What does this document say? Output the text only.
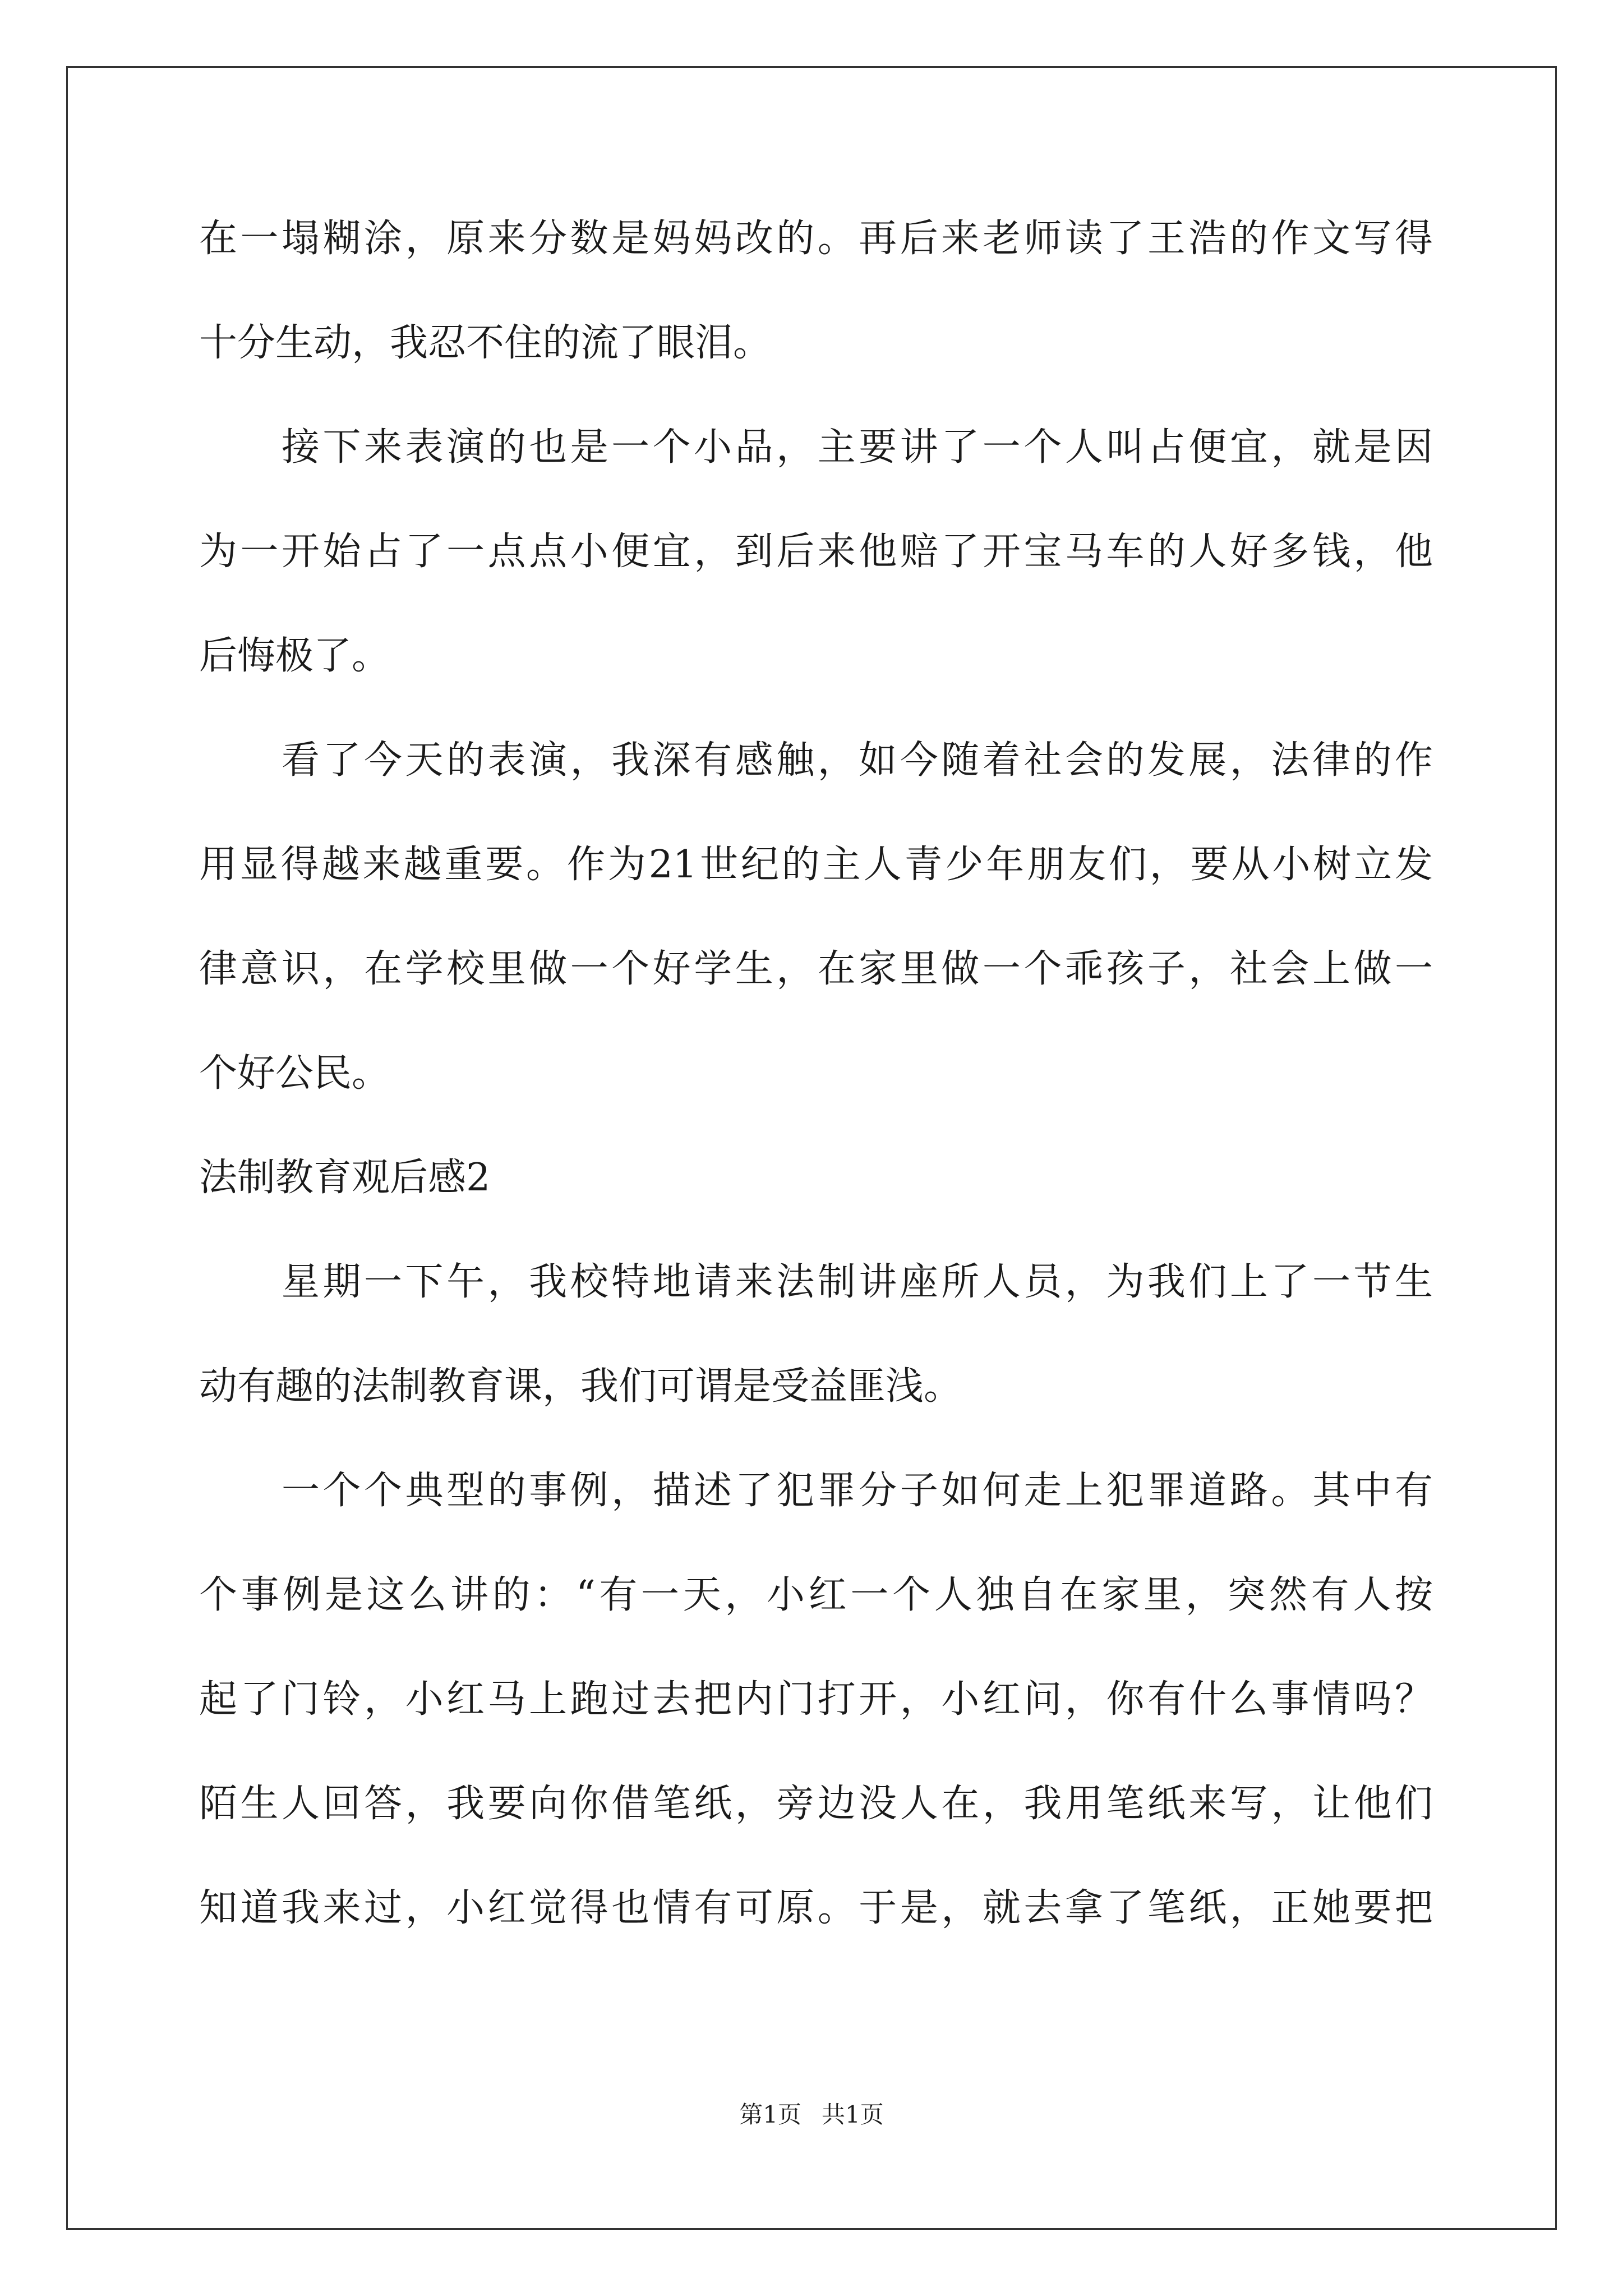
在一塌糊涂，原来分数是妈妈改的。再后来老师读了王浩的作文写得
十分生动，我忍不住的流了眼泪。
接下来表演的也是一个小品，主要讲了一个人叫占便宜，就是因
为一开始占了一点点小便宜，到后来他赔了开宝马车的人好多钱，他
后悔极了。
看了今天的表演，我深有感触，如今随着社会的发展，法律的作
用显得越来越重要。作为21世纪的主人青少年朋友们，要从小树立发
律意识，在学校里做一个好学生，在家里做一个乖孩子，社会上做一
个好公民。
法制教育观后感2
星期一下午，我校特地请来法制讲座所人员，为我们上了一节生
动有趣的法制教育课，我们可谓是受益匪浅。
一个个典型的事例，描述了犯罪分子如何走上犯罪道路。其中有
个事例是这么讲的：“有一天，小红一个人独自在家里，突然有人按
起了门铃，小红马上跑过去把内门打开，小红问，你有什么事情吗？
陌生人回答，我要向你借笔纸，旁边没人在，我用笔纸来写，让他们
知道我来过，小红觉得也情有可原。于是，就去拿了笔纸，正她要把
第1页 共1页
